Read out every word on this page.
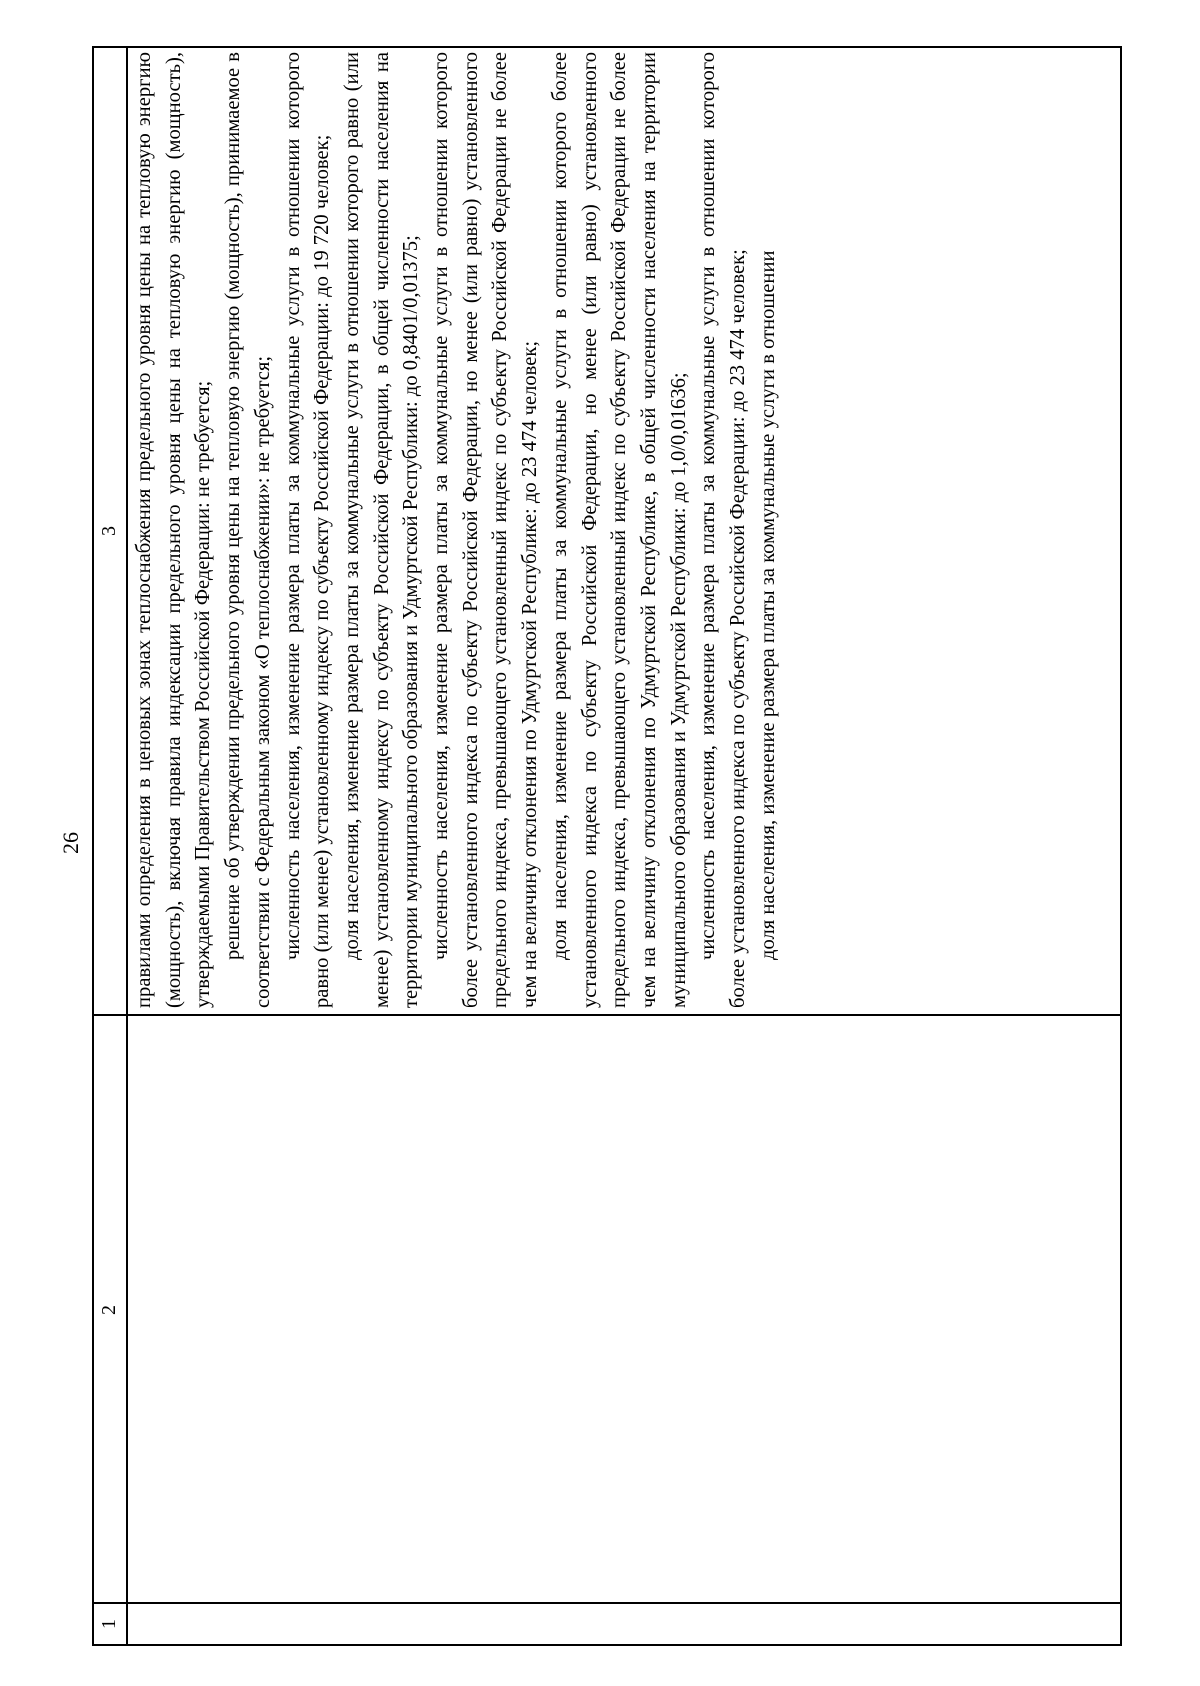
26
1
2
3 правилами определения в ценовых зонах теплоснабжения предельного уровня цены на тепловую энергию (мощность), включая правила индексации предельного уровня цены на тепловую энергию (мощность), утверждаемыми Правительством Российской Федерации: не требуется; решение об утверждении предельного уровня цены на тепловую энергию (мощность), принимаемое в соответствии с Федеральным законом «О теплоснабжении»: не требуется; численность населения, изменение размера платы за коммунальные услуги в отношении которого равно (или менее) установленному индексу по субъекту Российской Федерации: до 19 720 человек; доля населения, изменение размера платы за коммунальные услуги в отношении которого равно (или менее) установленному индексу по субъекту Российской Федерации, в общей численности населения на территории муниципального образования и Удмуртской Республики: до 0,8401/0,01375; численность населения, изменение размера платы за коммунальные услуги в отношении которого более установленного индекса по субъекту Российской Федерации, но менее (или равно) установленного предельного индекса, превышающего установленный индекс по субъекту Российской Федерации не более чем на величину отклонения по Удмуртской Республике: до 23 474 человек; доля населения, изменение размера платы за коммунальные услуги в отношении которого более установленного индекса по субъекту Российской Федерации, но менее (или равно) установленного предельного индекса, превышающего установленный индекс по субъекту Российской Федерации не более чем на величину отклонения по Удмуртской Республике, в общей численности населения на территории муниципального образования и Удмуртской Республики: до 1,0/0,01636; численность населения, изменение размера платы за коммунальные услуги в отношении которого более установленного индекса по субъекту Российской Федерации: до 23 474 человек; доля населения, изменение размера платы за коммунальные услуги в отношении
